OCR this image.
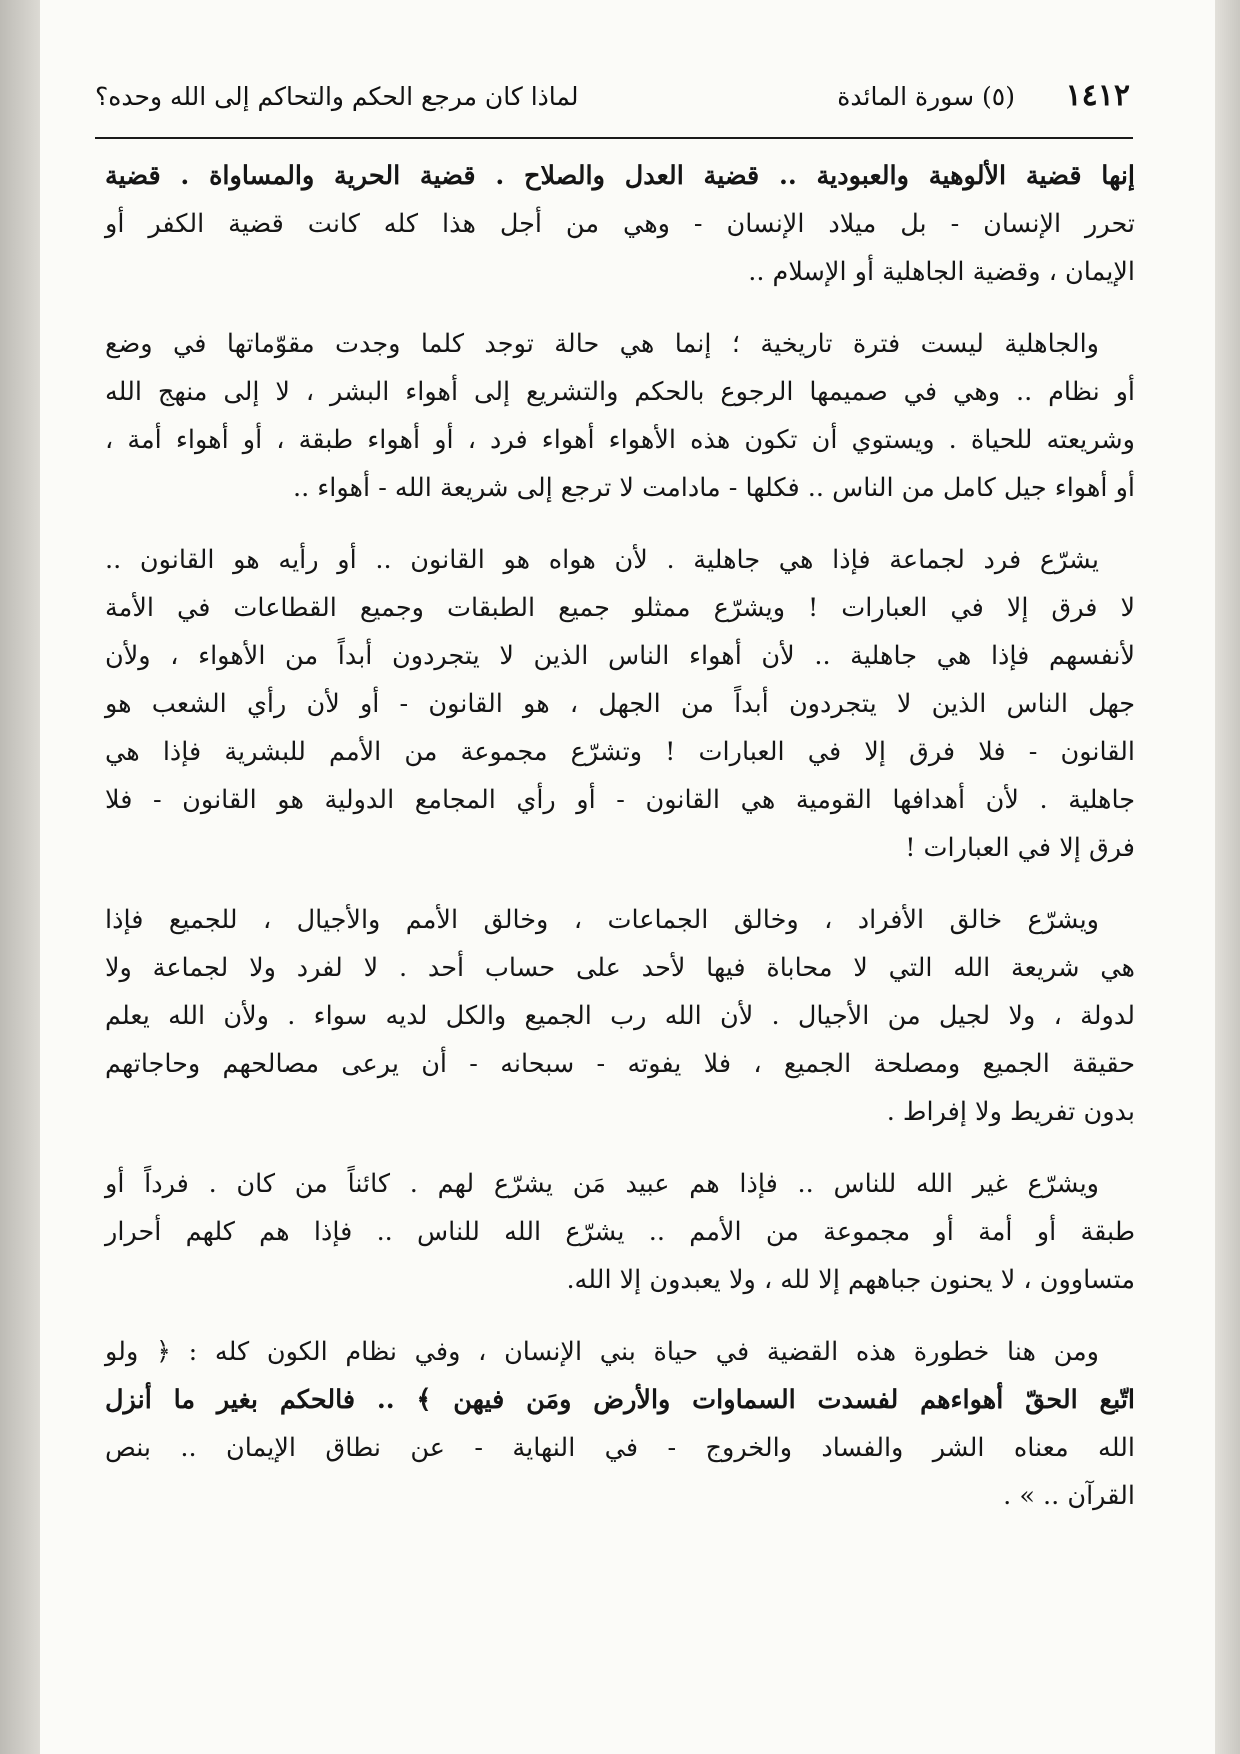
١٤١٢
(٥) سورة المائدة
لماذا كان مرجع الحكم والتحاكم إلى الله وحده؟
إنها قضية الألوهية والعبودية .. قضية العدل والصلاح . قضية الحرية والمساواة . قضية
تحرر الإنسان - بل ميلاد الإنسان - وهي من أجل هذا كله كانت قضية الكفر أو
الإيمان ، وقضية الجاهلية أو الإسلام ..
والجاهلية ليست فترة تاريخية ؛ إنما هي حالة توجد كلما وجدت مقوّماتها في وضع
أو نظام .. وهي في صميمها الرجوع بالحكم والتشريع إلى أهواء البشر ، لا إلى منهج الله
وشريعته للحياة . ويستوي أن تكون هذه الأهواء أهواء فرد ، أو أهواء طبقة ، أو أهواء أمة ،
أو أهواء جيل كامل من الناس .. فكلها - مادامت لا ترجع إلى شريعة الله - أهواء ..
يشرّع فرد لجماعة فإذا هي جاهلية . لأن هواه هو القانون .. أو رأيه هو القانون ..
لا فرق إلا في العبارات ! ويشرّع ممثلو جميع الطبقات وجميع القطاعات في الأمة
لأنفسهم فإذا هي جاهلية .. لأن أهواء الناس الذين لا يتجردون أبداً من الأهواء ، ولأن
جهل الناس الذين لا يتجردون أبداً من الجهل ، هو القانون - أو لأن رأي الشعب هو
القانون - فلا فرق إلا في العبارات ! وتشرّع مجموعة من الأمم للبشرية فإذا هي
جاهلية . لأن أهدافها القومية هي القانون - أو رأي المجامع الدولية هو القانون - فلا
فرق إلا في العبارات !
ويشرّع خالق الأفراد ، وخالق الجماعات ، وخالق الأمم والأجيال ، للجميع فإذا
هي شريعة الله التي لا محاباة فيها لأحد على حساب أحد . لا لفرد ولا لجماعة ولا
لدولة ، ولا لجيل من الأجيال . لأن الله رب الجميع والكل لديه سواء . ولأن الله يعلم
حقيقة الجميع ومصلحة الجميع ، فلا يفوته - سبحانه - أن يرعى مصالحهم وحاجاتهم
بدون تفريط ولا إفراط .
ويشرّع غير الله للناس .. فإذا هم عبيد مَن يشرّع لهم . كائناً من كان . فرداً أو
طبقة أو أمة أو مجموعة من الأمم .. يشرّع الله للناس .. فإذا هم كلهم أحرار
متساوون ، لا يحنون جباههم إلا لله ، ولا يعبدون إلا الله.
ومن هنا خطورة هذه القضية في حياة بني الإنسان ، وفي نظام الكون كله : ﴿ ولو
اتّبع الحقّ أهواءهم لفسدت السماوات والأرض ومَن فيهن ﴾ .. فالحكم بغير ما أنزل
الله معناه الشر والفساد والخروج - في النهاية - عن نطاق الإيمان .. بنص
القرآن .. » .
